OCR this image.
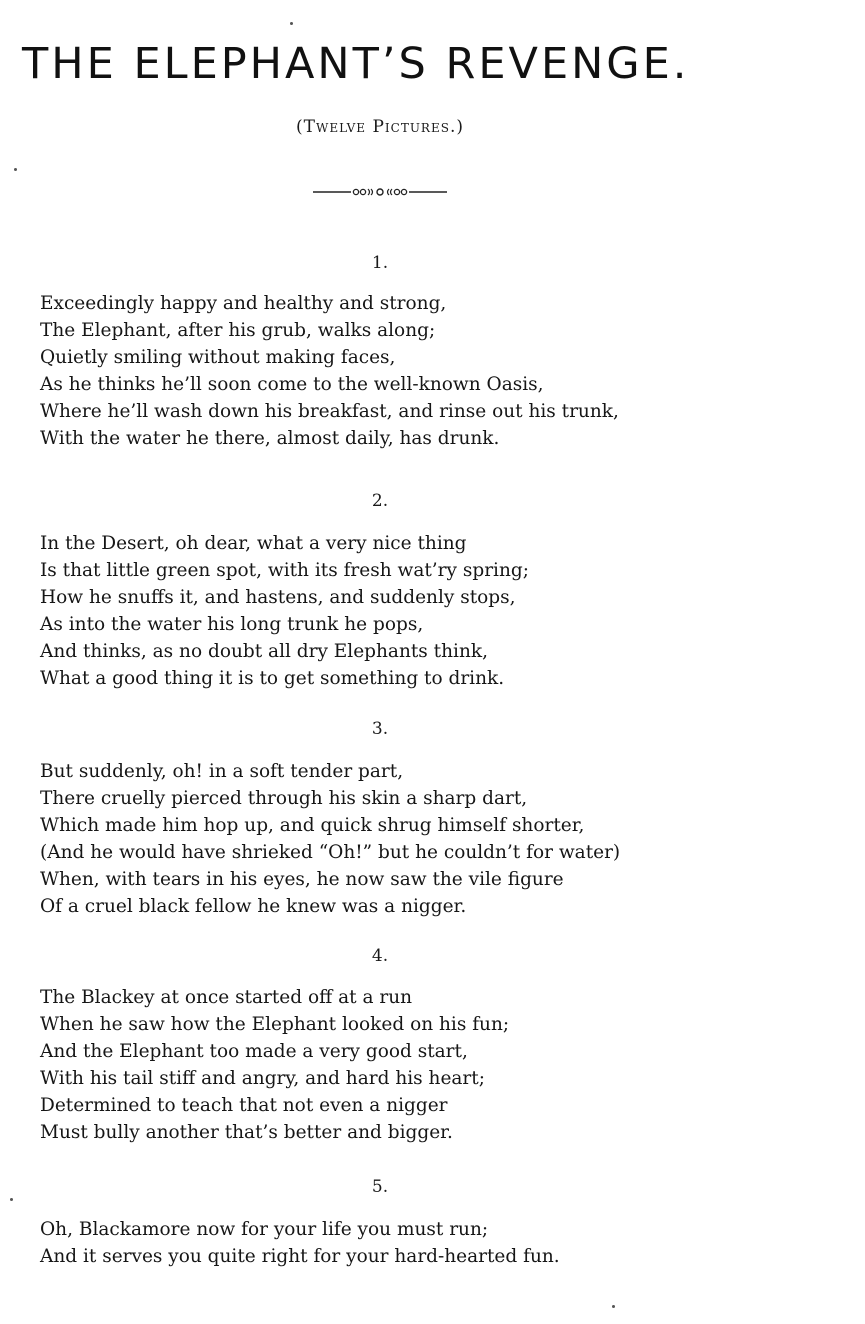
THE ELEPHANT’S REVENGE.
(Twelve Pictures.)
1.
Exceedingly happy and healthy and strong,
The Elephant, after his grub, walks along;
Quietly smiling without making faces,
As he thinks he’ll soon come to the well-known Oasis,
Where he’ll wash down his breakfast, and rinse out his trunk,
With the water he there, almost daily, has drunk.
2.
In the Desert, oh dear, what a very nice thing
Is that little green spot, with its fresh wat’ry spring;
How he snuffs it, and hastens, and suddenly stops,
As into the water his long trunk he pops,
And thinks, as no doubt all dry Elephants think,
What a good thing it is to get something to drink.
3.
But suddenly, oh! in a soft tender part,
There cruelly pierced through his skin a sharp dart,
Which made him hop up, and quick shrug himself shorter,
(And he would have shrieked “Oh!” but he couldn’t for water)
When, with tears in his eyes, he now saw the vile figure
Of a cruel black fellow he knew was a nigger.
4.
The Blackey at once started off at a run
When he saw how the Elephant looked on his fun;
And the Elephant too made a very good start,
With his tail stiff and angry, and hard his heart;
Determined to teach that not even a nigger
Must bully another that’s better and bigger.
5.
Oh, Blackamore now for your life you must run;
And it serves you quite right for your hard-hearted fun.
